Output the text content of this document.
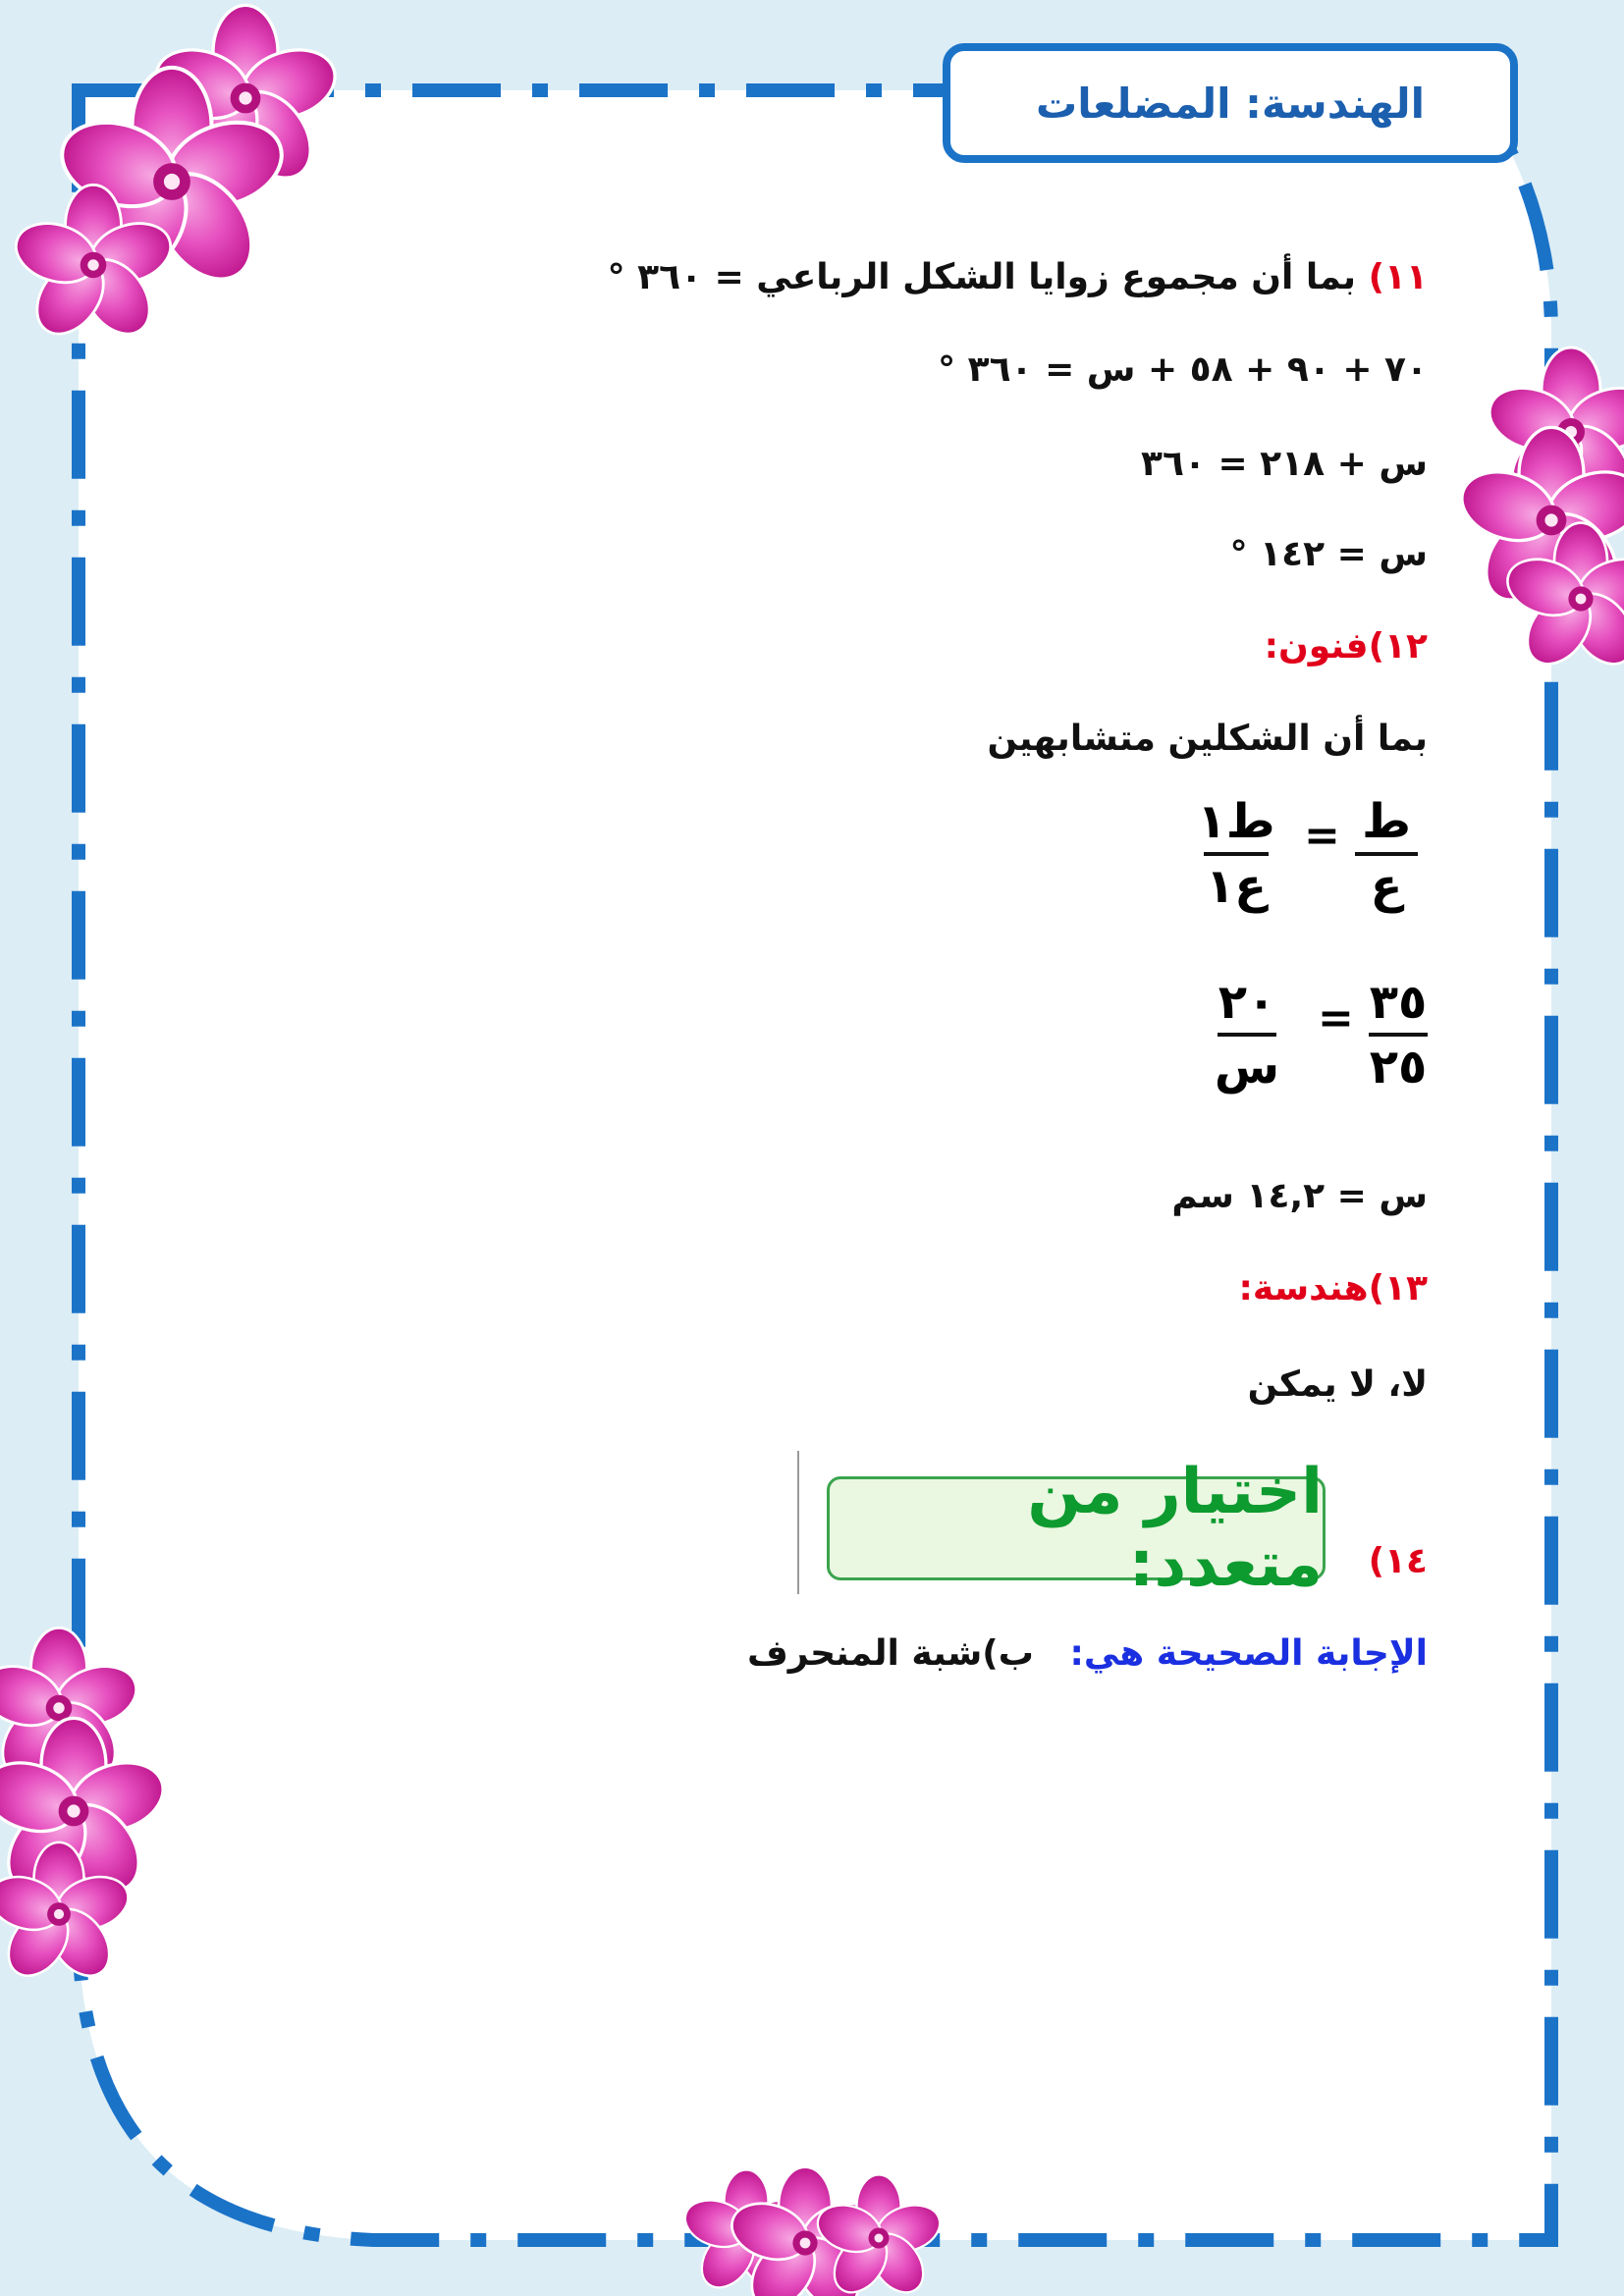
الهندسة: المضلعات
١١) بما أن مجموع زوايا الشكل الرباعي = ٣٦٠ °
٧٠ + ٩٠ + ٥٨ + س = ٣٦٠ °
س + ٢١٨ = ٣٦٠
س = ١٤٢ °
١٢)فنون:
بما أن الشكلين متشابهين
ط
ع
=
ط١
ع١
٣٥
٢٥
=
٢٠
س
س = ١٤,٢ سم
١٣)هندسة:
لا، لا يمكن
اختيار من متعدد: ١٤)
الإجابة الصحيحة هي: ب)شبة المنحرف
